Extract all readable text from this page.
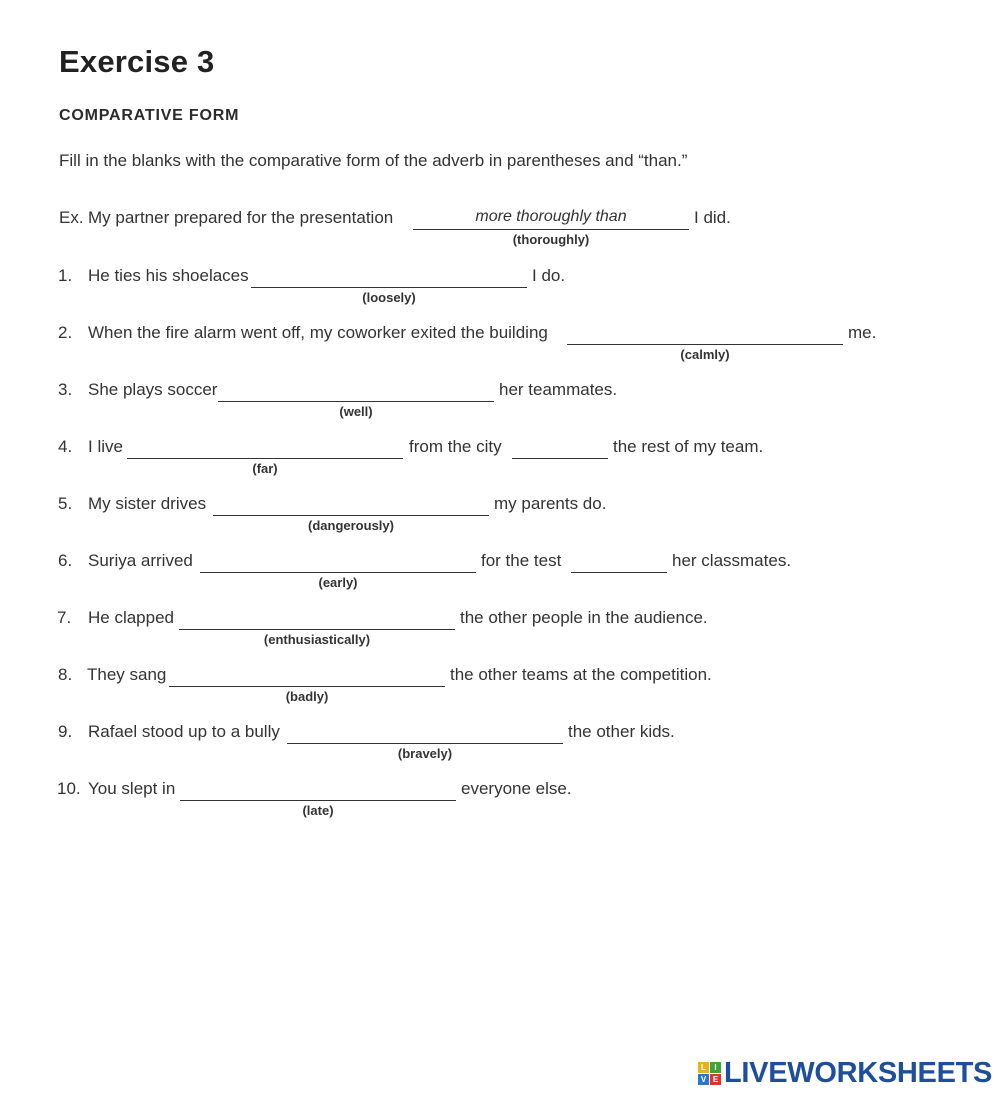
Exercise 3
COMPARATIVE FORM
Fill in the blanks with the comparative form of the adverb in parentheses and “than.”
Ex. My partner prepared for the presentation	more thoroughly than
(thoroughly)
I did.
1. He ties his shoelaces
(loosely)
I do.
2. When the fire alarm went off, my coworker exited the building
(calmly)
me.
3. She plays soccer
(well)
her teammates.
4. I live
(far)
from the city	the rest of my team.
5. My sister drives
(dangerously)
my parents do.
6. Suriya arrived
(early)
for the test	her classmates.
7. He clapped
(enthusiastically)
the other people in the audience.
8. They sang
(badly)
the other teams at the competition.
9. Rafael stood up to a bully
(bravely)
the other kids.
10. You slept in
(late)
everyone else.
L	I
V E LIVEWORKSHEETS
